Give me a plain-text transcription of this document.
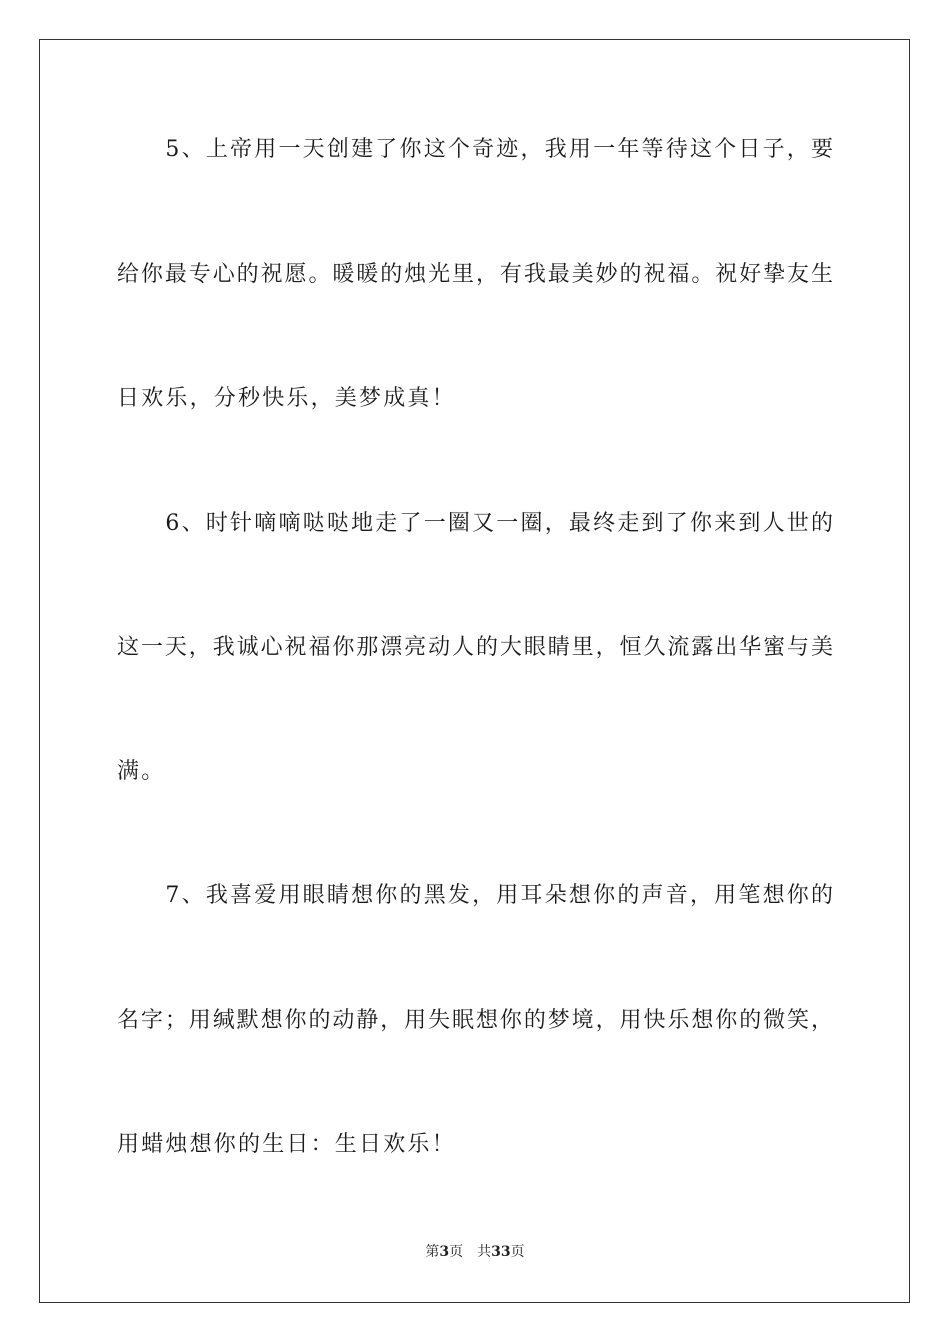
　　5、上帝用一天创建了你这个奇迹，我用一年等待这个日子，要
给你最专心的祝愿。暖暖的烛光里，有我最美妙的祝福。祝好挚友生
日欢乐，分秒快乐，美梦成真！
　　6、时针嘀嘀哒哒地走了一圈又一圈，最终走到了你来到人世的
这一天，我诚心祝福你那漂亮动人的大眼睛里，恒久流露出华蜜与美
满。
　　7、我喜爱用眼睛想你的黑发，用耳朵想你的声音，用笔想你的
名字；用缄默想你的动静，用失眠想你的梦境，用快乐想你的微笑，
用蜡烛想你的生日：生日欢乐！
第3页　共33页
